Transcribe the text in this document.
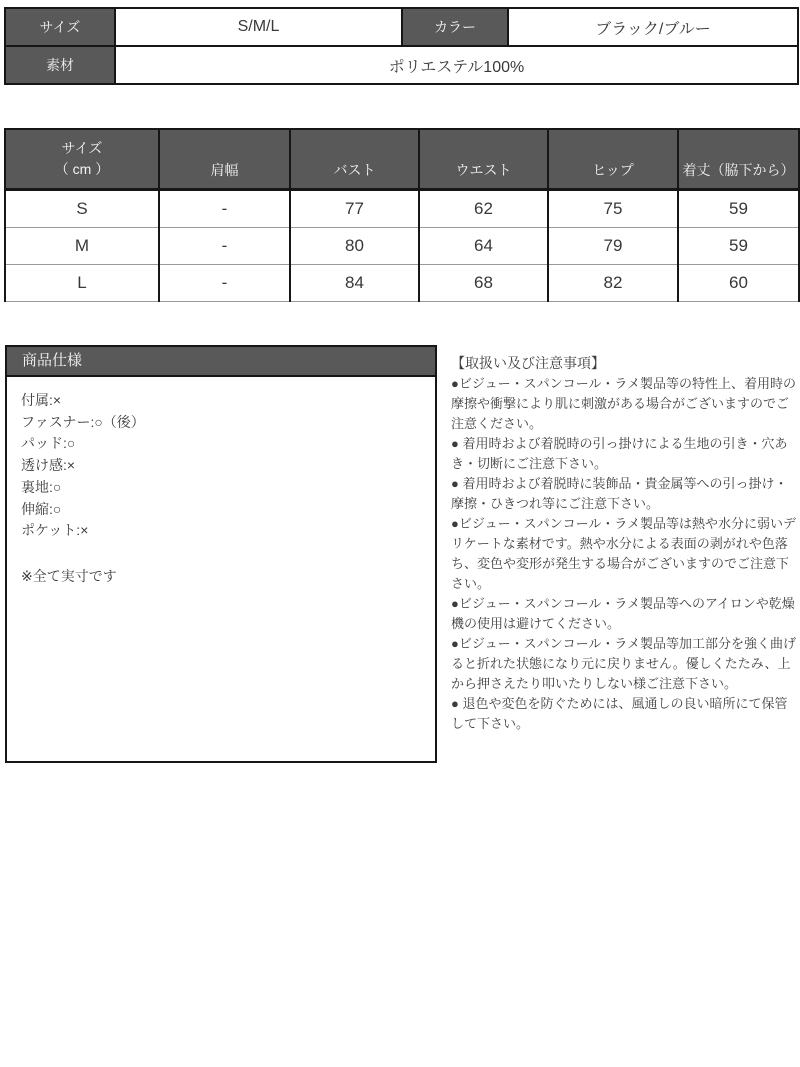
サイズ	S/M/L	カラー	ブラック/ブルー
素材	ポリエステル100%		
サイズ
（ cm ）	肩幅	バスト	ウエスト	ヒップ	着丈（脇下から）
S	-	77	62	75	59
M	-	80	64	79	59
L	-	84	68	82	60
商品仕様
付属:×
ファスナー:○（後）
パッド:○
透け感:×
裏地:○
伸縮:○
ポケット:×
※全て実寸です
【取扱い及び注意事項】

●ビジュー・スパンコール・ラメ製品等の特性上、着用時の摩擦や衝撃により肌に刺激がある場合がございますのでご注意ください。

● 着用時および着脱時の引っ掛けによる生地の引き・穴あき・切断にご注意下さい。

● 着用時および着脱時に装飾品・貴金属等への引っ掛け・摩擦・ひきつれ等にご注意下さい。

●ビジュー・スパンコール・ラメ製品等は熱や水分に弱いデリケートな素材です。熱や水分による表面の剥がれや色落ち、変色や変形が発生する場合がございますのでご注意下さい。

●ビジュー・スパンコール・ラメ製品等へのアイロンや乾燥機の使用は避けてください。

●ビジュー・スパンコール・ラメ製品等加工部分を強く曲げると折れた状態になり元に戻りません。優しくたたみ、上から押さえたり叩いたりしない様ご注意下さい。

● 退色や変色を防ぐためには、風通しの良い暗所にて保管して下さい。
